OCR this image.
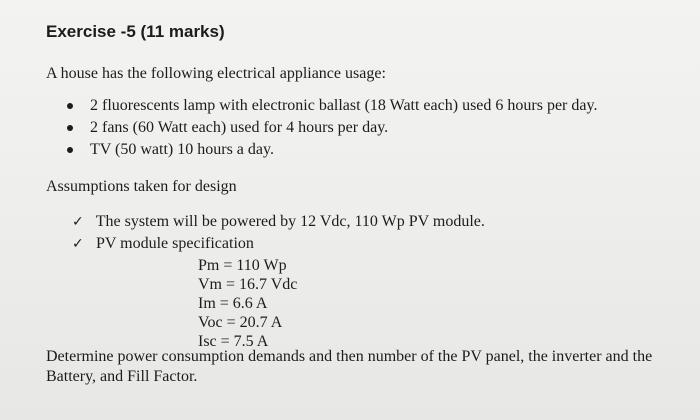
Exercise -5 (11 marks)
A house has the following electrical appliance usage:
2 fluorescents lamp with electronic ballast (18 Watt each) used 6 hours per day.
2 fans (60 Watt each) used for 4 hours per day.
TV (50 watt) 10 hours a day.
Assumptions taken for design
✓ The system will be powered by 12 Vdc, 110 Wp PV module.
✓ PV module specification
Pm = 110 Wp
Vm = 16.7 Vdc
Im = 6.6 A
Voc = 20.7 A
Isc = 7.5 A
Determine power consumption demands and then number of the PV panel, the inverter and the Battery, and Fill Factor.
